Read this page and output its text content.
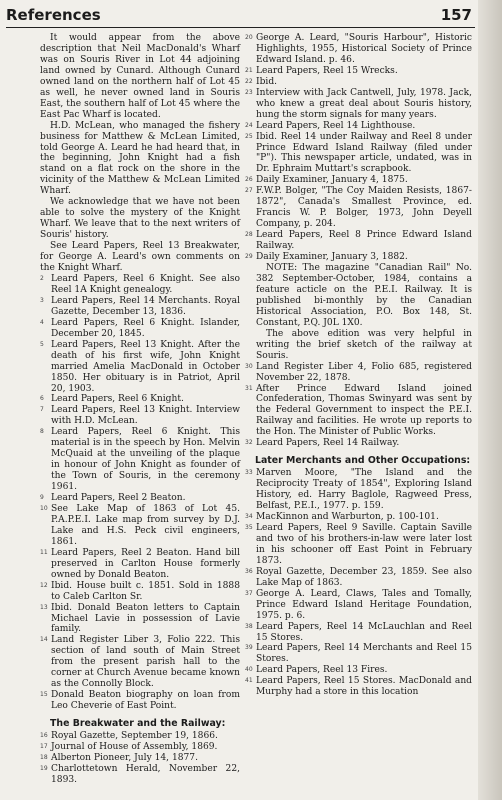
References	157

It would appear from the above description that Neil MacDonald's Wharf was on Souris River in Lot 44 adjoining land owned by Cunard. Although Cunard owned land on the northern half of Lot 45 as well, he never owned land in Souris East, the southern half of Lot 45 where the East Pac Wharf is located.

H.D. McLean, who managed the fishery business for Matthew & McLean Limited, told George A. Leard he had heard that, in the beginning, John Knight had a fish stand on a flat rock on the shore in the vicinity of the Matthew & McLean Limited Wharf.

We acknowledge that we have not been able to solve the mystery of the Knight Wharf. We leave that to the next writers of Souris' history.

See Leard Papers, Reel 13 Breakwater, for George A. Leard's own comments on the Knight Wharf.

2 Leard Papers, Reel 6 Knight. See also Reel 1A Knight genealogy.
3 Leard Papers, Reel 14 Merchants. Royal Gazette, December 13, 1836.
4 Leard Papers, Reel 6 Knight. Islander, December 20, 1845.
5 Leard Papers, Reel 13 Knight. After the death of his first wife, John Knight married Amelia MacDonald in October 1850. Her obituary is in Patriot, April 20, 1903.
6 Leard Papers, Reel 6 Knight.
7 Leard Papers, Reel 13 Knight. Interview with H.D. McLean.
8 Leard Papers, Reel 6 Knight. This material is in the speech by Hon. Melvin McQuaid at the unveiling of the plaque in honour of John Knight as founder of the Town of Souris, in the ceremony 1961.
9 Leard Papers, Reel 2 Beaton.
10 See Lake Map of 1863 of Lot 45. P.A.P.E.I. Lake map from survey by D.J. Lake and H.S. Peck civil engineers, 1861.
11 Leard Papers, Reel 2 Beaton. Hand bill preserved in Carlton House formerly owned by Donald Beaton.
12 Ibid. House built c. 1851. Sold in 1888 to Caleb Carlton Sr.
13 Ibid. Donald Beaton letters to Captain Michael Lavie in possession of Lavie family.
14 Land Register Liber 3, Folio 222. This section of land south of Main Street from the present parish hall to the corner at Church Avenue became known as the Connolly Block.
15 Donald Beaton biography on loan from Leo Cheverie of East Point.
The Breakwater and the Railway:
16 Royal Gazette, September 19, 1866.
17 Journal of House of Assembly, 1869.
18 Alberton Pioneer, July 14, 1877.
19 Charlottetown Herald, November 22, 1893.
20 George A. Leard, "Souris Harbour", Historic Highlights, 1955, Historical Society of Prince Edward Island. p. 46.
21 Leard Papers, Reel 15 Wrecks.
22 Ibid.
23 Interview with Jack Cantwell, July, 1978. Jack, who knew a great deal about Souris history, hung the storm signals for many years.
24 Leard Papers, Reel 14 Lighthouse.
25 Ibid. Reel 14 under Railway and Reel 8 under Prince Edward Island Railway (filed under "P"). This newspaper article, undated, was in Dr. Ephraim Muttart's scrapbook.
26 Daily Examiner, January 4, 1875.
27 F.W.P. Bolger, "The Coy Maiden Resists, 1867-1872", Canada's Smallest Province, ed. Francis W. P. Bolger, 1973, John Deyell Company, p. 204.
28 Leard Papers, Reel 8 Prince Edward Island Railway.
29 Daily Examiner, January 3, 1882.

NOTE: The magazine "Canadian Rail" No. 382 September-October, 1984, contains a feature acticle on the P.E.I. Railway. It is published bi-monthly by the Canadian Historical Association, P.O. Box 148, St. Constant, P.Q. J0L 1X0.

The above edition was very helpful in writing the brief sketch of the railway at Souris.

30 Land Register Liber 4, Folio 685, registered November 22, 1878.
31 After Prince Edward Island joined Confederation, Thomas Swinyard was sent by the Federal Government to inspect the P.E.I. Railway and facilities. He wrote up reports to the Hon. The Minister of Public Works.
32 Leard Papers, Reel 14 Railway.
Later Merchants and Other Occupations:
33 Marven Moore, "The Island and the Reciprocity Treaty of 1854", Exploring Island History, ed. Harry Baglole, Ragweed Press, Belfast, P.E.I., 1977. p. 159.
34 MacKinnon and Warburton, p. 100-101.
35 Leard Papers, Reel 9 Saville. Captain Saville and two of his brothers-in-law were later lost in his schooner off East Point in February 1873.
36 Royal Gazette, December 23, 1859. See also Lake Map of 1863.
37 George A. Leard, Claws, Tales and Tomally, Prince Edward Island Heritage Foundation, 1975. p. 6.
38 Leard Papers, Reel 14 McLauchlan and Reel 15 Stores.
39 Leard Papers, Reel 14 Merchants and Reel 15 Stores.
40 Leard Papers, Reel 13 Fires.
41 Leard Papers, Reel 15 Stores. MacDonald and Murphy had a store in this location
